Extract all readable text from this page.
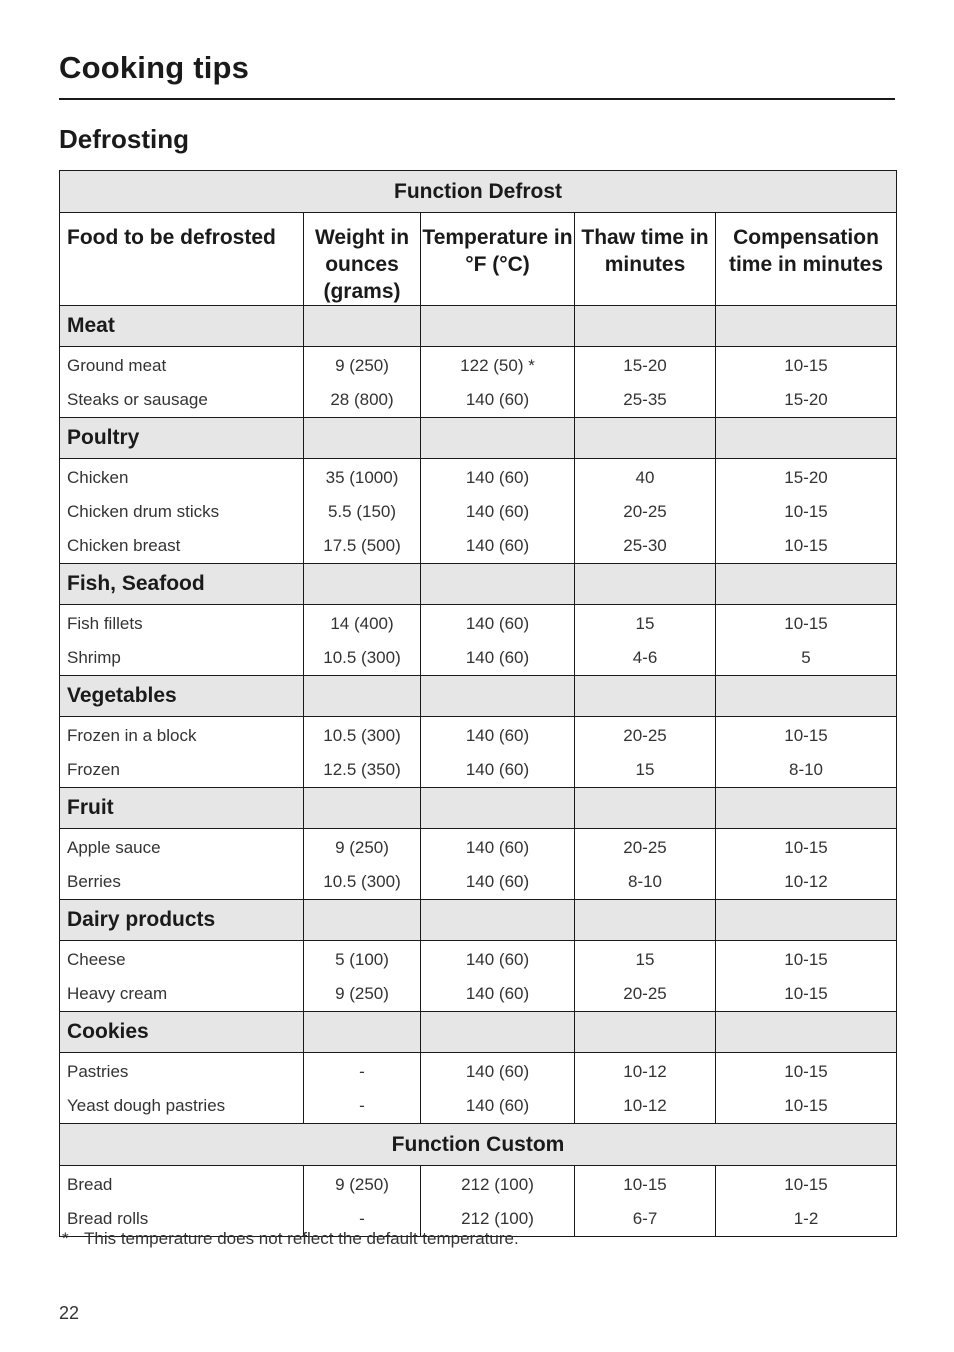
Cooking tips
Defrosting
Function Defrost				
Food to be defrosted	Weight in ounces (grams)	Temperature in °F (°C)	Thaw time in minutes	Compensation time in minutes
Meat				
Ground meat	9 (250)	122 (50) *	15-20	10-15
Steaks or sausage	28 (800)	140 (60)	25-35	15-20
Poultry				
Chicken	35 (1000)	140 (60)	40	15-20
Chicken drum sticks	5.5 (150)	140 (60)	20-25	10-15
Chicken breast	17.5 (500)	140 (60)	25-30	10-15
Fish, Seafood				
Fish fillets	14 (400)	140 (60)	15	10-15
Shrimp	10.5 (300)	140 (60)	4-6	5
Vegetables				
Frozen in a block	10.5 (300)	140 (60)	20-25	10-15
Frozen	12.5 (350)	140 (60)	15	8-10
Fruit				
Apple sauce	9 (250)	140 (60)	20-25	10-15
Berries	10.5 (300)	140 (60)	8-10	10-12
Dairy products				
Cheese	5 (100)	140 (60)	15	10-15
Heavy cream	9 (250)	140 (60)	20-25	10-15
Cookies				
Pastries	-	140 (60)	10-12	10-15
Yeast dough pastries	-	140 (60)	10-12	10-15
Function Custom				
Bread	9 (250)	212 (100)	10-15	10-15
Bread rolls	-	212 (100)	6-7	1-2
* This temperature does not reflect the default temperature.
22
